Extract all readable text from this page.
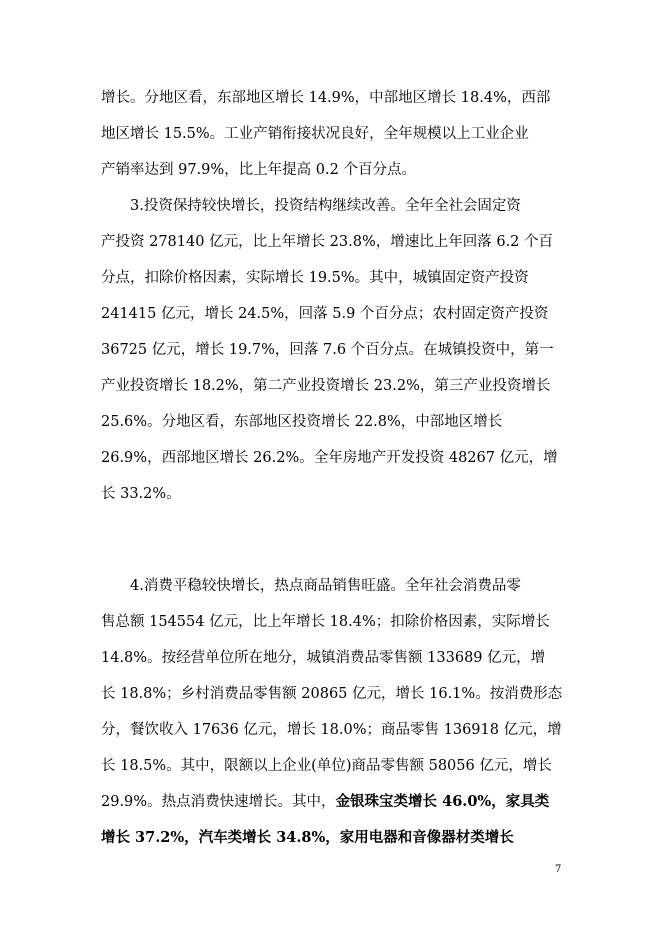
增长。分地区看，东部地区增长 14.9%，中部地区增长 18.4%，西部
地区增长 15.5%。工业产销衔接状况良好，全年规模以上工业企业
产销率达到 97.9%，比上年提高 0.2 个百分点。
3.投资保持较快增长，投资结构继续改善。全年全社会固定资
产投资 278140 亿元，比上年增长 23.8%，增速比上年回落 6.2 个百
分点，扣除价格因素，实际增长 19.5%。其中，城镇固定资产投资
241415 亿元，增长 24.5%，回落 5.9 个百分点；农村固定资产投资
36725 亿元，增长 19.7%，回落 7.6 个百分点。在城镇投资中，第一
产业投资增长 18.2%，第二产业投资增长 23.2%，第三产业投资增长
25.6%。分地区看，东部地区投资增长 22.8%，中部地区增长
26.9%，西部地区增长 26.2%。全年房地产开发投资 48267 亿元，增
长 33.2%。
4.消费平稳较快增长，热点商品销售旺盛。全年社会消费品零
售总额 154554 亿元，比上年增长 18.4%；扣除价格因素，实际增长
14.8%。按经营单位所在地分，城镇消费品零售额 133689 亿元，增
长 18.8%；乡村消费品零售额 20865 亿元，增长 16.1%。按消费形态
分，餐饮收入 17636 亿元，增长 18.0%；商品零售 136918 亿元，增
长 18.5%。其中，限额以上企业(单位)商品零售额 58056 亿元，增长
29.9%。热点消费快速增长。其中，金银珠宝类增长 46.0%，家具类
增长 37.2%，汽车类增长 34.8%，家用电器和音像器材类增长
7
